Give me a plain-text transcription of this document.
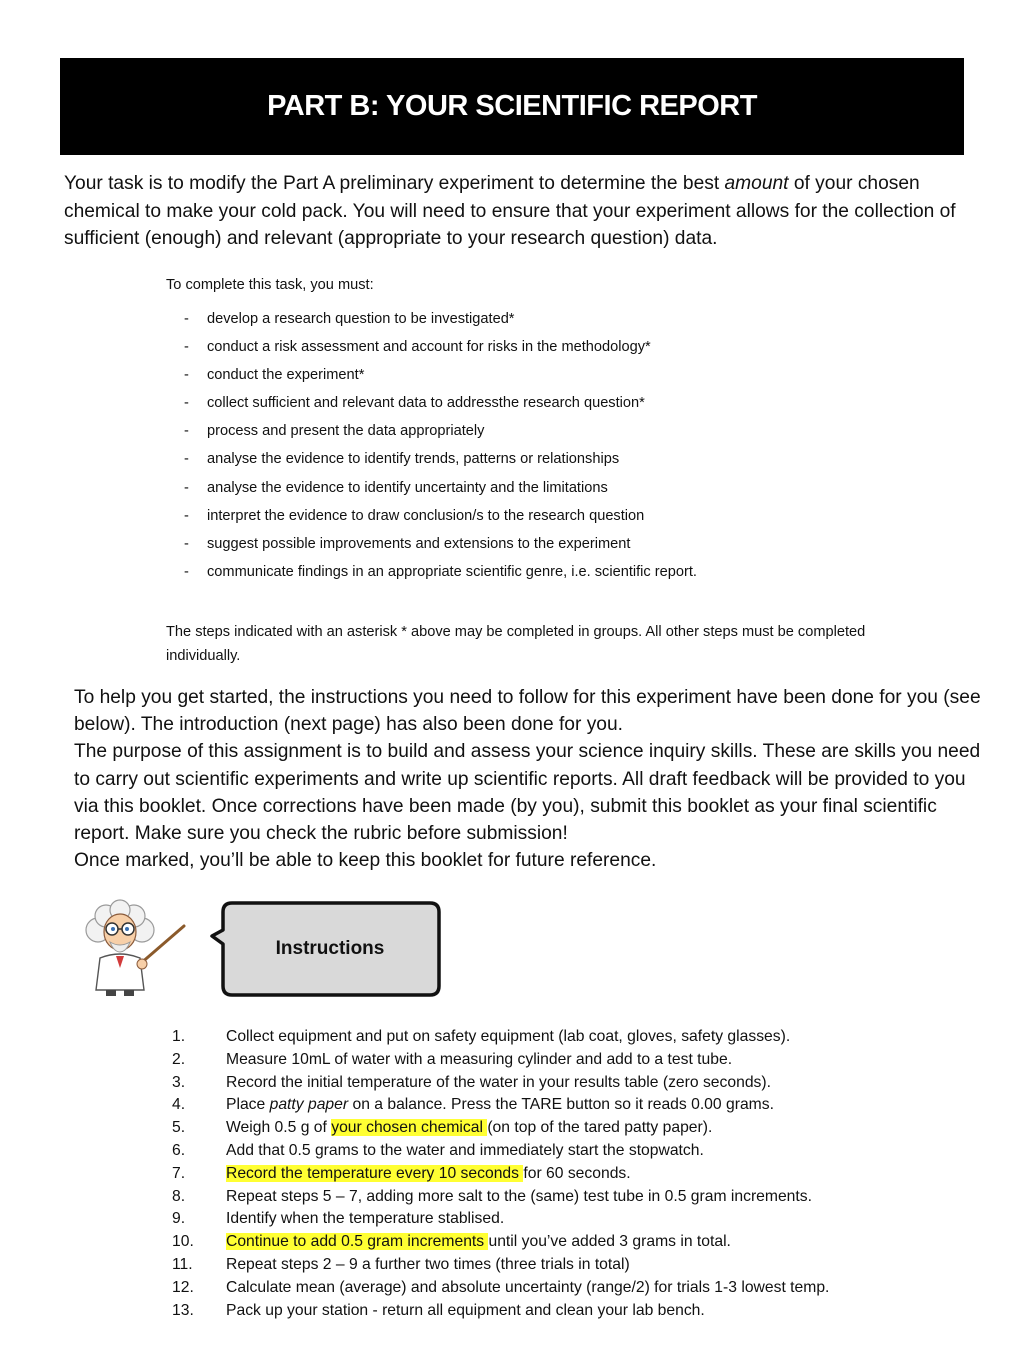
PART B: YOUR SCIENTIFIC REPORT

Your task is to modify the Part A preliminary experiment to determine the best amount of your chosen chemical to make your cold pack. You will need to ensure that your experiment allows for the collection of sufficient (enough) and relevant (appropriate to your research question) data.

To complete this task, you must:

- develop a research question to be investigated*
- conduct a risk assessment and account for risks in the methodology*
- conduct the experiment*
- collect sufficient and relevant data to addressthe research question*
- process and present the data appropriately
- analyse the evidence to identify trends, patterns or relationships
- analyse the evidence to identify uncertainty and the limitations
- interpret the evidence to draw conclusion/s to the research question
- suggest possible improvements and extensions to the experiment
- communicate findings in an appropriate scientific genre, i.e. scientific report.

The steps indicated with an asterisk * above may be completed in groups. All other steps must be completed individually.

To help you get started, the instructions you need to follow for this experiment have been done for you (see below). The introduction (next page) has also been done for you.

The purpose of this assignment is to build and assess your science inquiry skills. These are skills you need to carry out scientific experiments and write up scientific reports. All draft feedback will be provided to you via this booklet. Once corrections have been made (by you), submit this booklet as your final scientific report. Make sure you check the rubric before submission!

Once marked, you’ll be able to keep this booklet for future reference.

Instructions
1.	Collect equipment and put on safety equipment (lab coat, gloves, safety glasses).
2.	Measure 10mL of water with a measuring cylinder and add to a test tube.
3.	Record the initial temperature of the water in your results table (zero seconds).
4.	Place patty paper on a balance. Press the TARE button so it reads 0.00 grams.
5.	Weigh 0.5 g of your chosen chemical (on top of the tared patty paper).
6.	Add that 0.5 grams to the water and immediately start the stopwatch.
7.	Record the temperature every 10 seconds for 60 seconds.
8.	Repeat steps 5 – 7, adding more salt to the (same) test tube in 0.5 gram increments.
9.	Identify when the temperature stablised.
10.	Continue to add 0.5 gram increments until you’ve added 3 grams in total.
11.	Repeat steps 2 – 9 a further two times (three trials in total)
12.	Calculate mean (average) and absolute uncertainty (range/2) for trials 1-3 lowest temp.
13.	Pack up your station - return all equipment and clean your lab bench.
